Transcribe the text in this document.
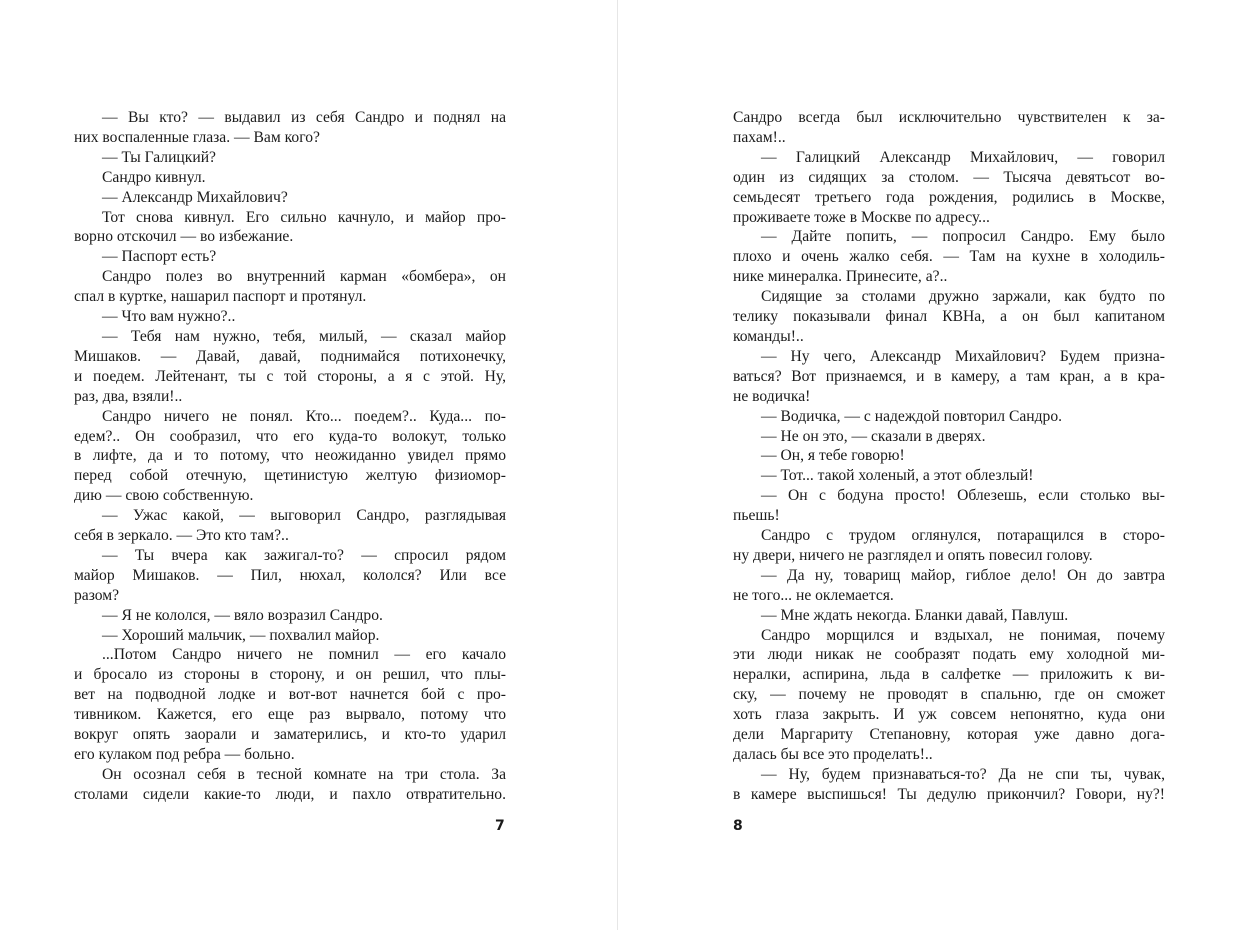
— Вы кто? — выдавил из себя Сандро и поднял на

них воспаленные глаза. — Вам кого?

— Ты Галицкий?

Сандро кивнул.

— Александр Михайлович?

Тот снова кивнул. Его сильно качнуло, и майор про-

ворно отскочил — во избежание.

— Паспорт есть?

Сандро полез во внутренний карман «бомбера», он

спал в куртке, нашарил паспорт и протянул.

— Что вам нужно?..

— Тебя нам нужно, тебя, милый, — сказал майор

Мишаков. — Давай, давай, поднимайся потихонечку,

и поедем. Лейтенант, ты с той стороны, а я с этой. Ну,

раз, два, взяли!..

Сандро ничего не понял. Кто... поедем?.. Куда... по-

едем?.. Он сообразил, что его куда-то волокут, только

в лифте, да и то потому, что неожиданно увидел прямо

перед собой отечную, щетинистую желтую физиомор-

дию — свою собственную.

— Ужас какой, — выговорил Сандро, разглядывая

себя в зеркало. — Это кто там?..

— Ты вчера как зажигал-то? — спросил рядом

майор Мишаков. — Пил, нюхал, кололся? Или все

разом?

— Я не кололся, — вяло возразил Сандро.

— Хороший мальчик, — похвалил майор.

...Потом Сандро ничего не помнил — его качало

и бросало из стороны в сторону, и он решил, что плы-

вет на подводной лодке и вот-вот начнется бой с про-

тивником. Кажется, его еще раз вырвало, потому что

вокруг опять заорали и заматерились, и кто-то ударил

его кулаком под ребра — больно.

Он осознал себя в тесной комнате на три стола. За

столами сидели какие-то люди, и пахло отвратительно.

7

Сандро всегда был исключительно чувствителен к за-

пахам!..

— Галицкий Александр Михайлович, — говорил

один из сидящих за столом. — Тысяча девятьсот во-

семьдесят третьего года рождения, родились в Москве,

проживаете тоже в Москве по адресу...

— Дайте попить, — попросил Сандро. Ему было

плохо и очень жалко себя. — Там на кухне в холодиль-

нике минералка. Принесите, а?..

Сидящие за столами дружно заржали, как будто по

телику показывали финал КВНа, а он был капитаном

команды!..

— Ну чего, Александр Михайлович? Будем призна-

ваться? Вот признаемся, и в камеру, а там кран, а в кра-

не водичка!

— Водичка, — с надеждой повторил Сандро.

— Не он это, — сказали в дверях.

— Он, я тебе говорю!

— Тот... такой холеный, а этот облезлый!

— Он с бодуна просто! Облезешь, если столько вы-

пьешь!

Сандро с трудом оглянулся, потаращился в сторо-

ну двери, ничего не разглядел и опять повесил голову.

— Да ну, товарищ майор, гиблое дело! Он до завтра

не того... не оклемается.

— Мне ждать некогда. Бланки давай, Павлуш.

Сандро морщился и вздыхал, не понимая, почему

эти люди никак не сообразят подать ему холодной ми-

нералки, аспирина, льда в салфетке — приложить к ви-

ску, — почему не проводят в спальню, где он сможет

хоть глаза закрыть. И уж совсем непонятно, куда они

дели Маргариту Степановну, которая уже давно дога-

далась бы все это проделать!..

— Ну, будем признаваться-то? Да не спи ты, чувак,

в камере выспишься! Ты дедулю прикончил? Говори, ну?!

8
